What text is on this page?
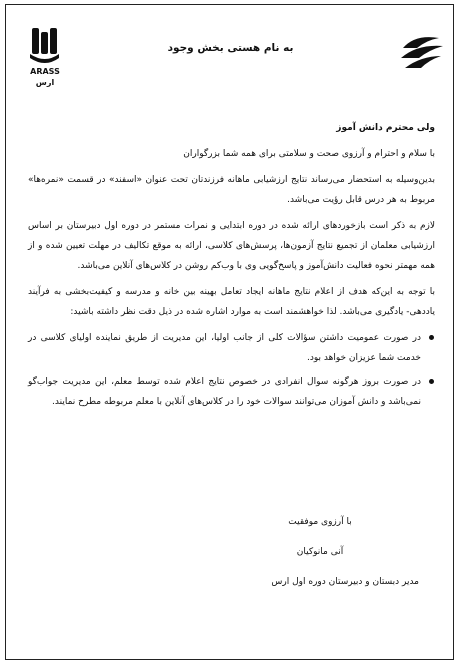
ARASS
ارس
به نام هستی بخش وجود
ولی محترم دانش آموز
با سلام و احترام و آرزوی صحت و سلامتی برای همه شما بزرگواران
بدین‌وسیله به استحضار می‌رساند نتایج ارزشیابی ماهانه فرزندتان تحت عنوان «اسفند» در قسمت «نمره‌ها» مربوط به هر درس قابل رؤیت می‌باشد.
لازم به ذکر است بازخوردهای ارائه شده در دوره ابتدایی و نمرات مستمر در دوره اول دبیرستان بر اساس ارزشیابی معلمان از تجمیع نتایج آزمون‌ها، پرسش‌های کلاسی، ارائه به موقع تکالیف در مهلت تعیین شده و از همه مهمتر نحوه فعالیت دانش‌آموز و پاسخ‌گویی وی با وب‌کم روشن در کلاس‌های آنلاین می‌باشد.
با توجه به این‌که هدف از اعلام نتایج ماهانه ایجاد تعامل بهینه بین خانه و مدرسه و کیفیت‌بخشی به فرآیند یاددهی- یادگیری می‌باشد. لذا خواهشمند است به موارد اشاره شده در ذیل دقت نظر داشته باشید:
در صورت عمومیت داشتن سؤالات کلی از جانب اولیا، این مدیریت از طریق نماینده اولیای کلاسی در خدمت شما عزیزان خواهد بود.
در صورت بروز هرگونه سوال انفرادی در خصوص نتایج اعلام شده توسط معلم، این مدیریت جواب‌گو نمی‌باشد و دانش آموزان می‌توانند سوالات خود را در کلاس‌های آنلاین با معلم مربوطه مطرح نمایند.
با آرزوی موفقیت
آنی مانوکیان
مدیر دبستان و دبیرستان دوره اول ارس
